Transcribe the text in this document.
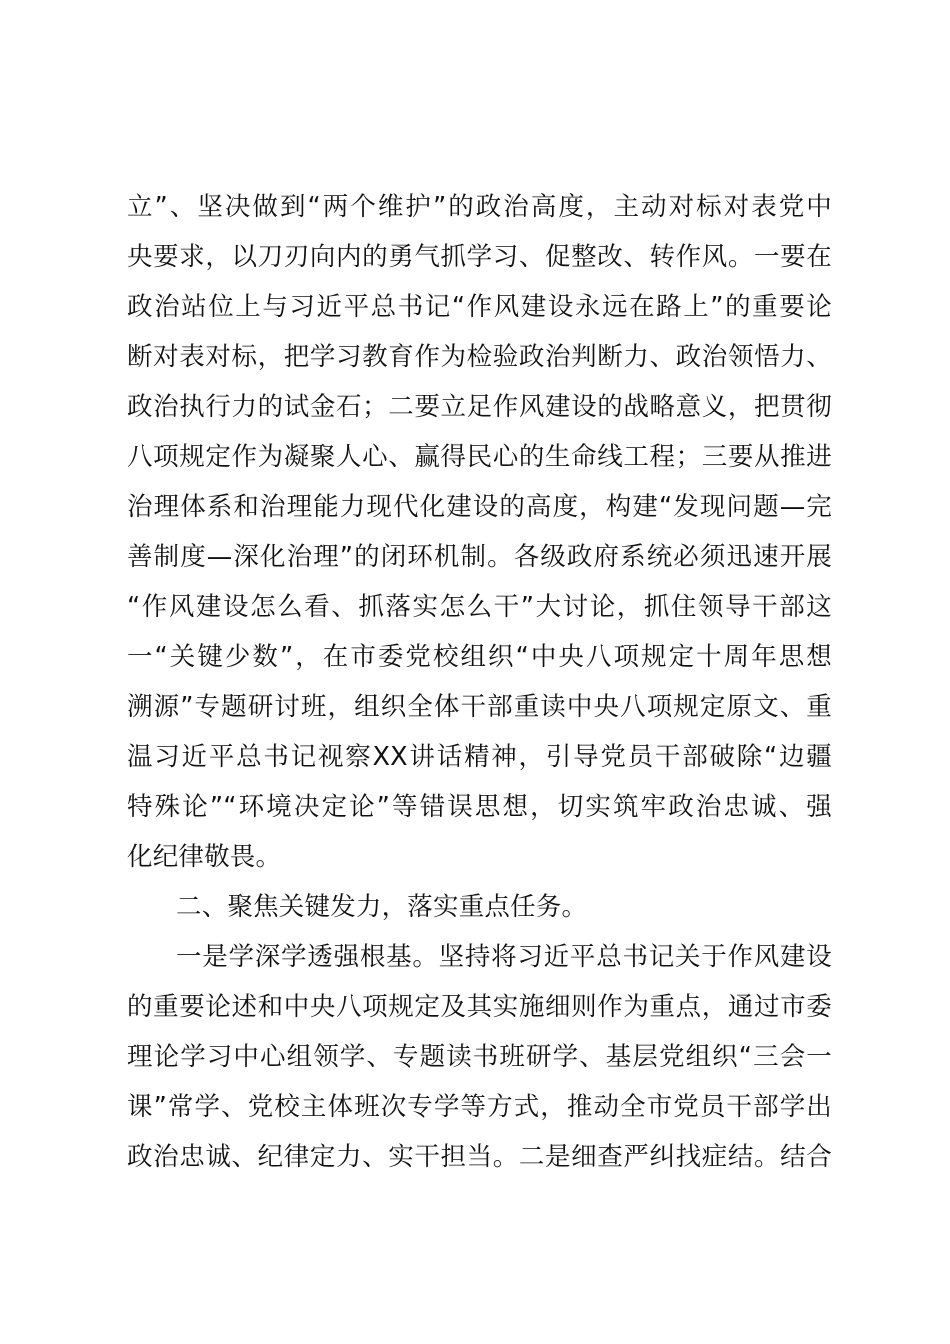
立”、坚决做到“两个维护”的政治高度，主动对标对表党中
央要求，以刀刃向内的勇气抓学习、促整改、转作风。一要在
政治站位上与习近平总书记“作风建设永远在路上”的重要论
断对表对标，把学习教育作为检验政治判断力、政治领悟力、
政治执行力的试金石；二要立足作风建设的战略意义，把贯彻
八项规定作为凝聚人心、赢得民心的生命线工程；三要从推进
治理体系和治理能力现代化建设的高度，构建“发现问题—完
善制度—深化治理”的闭环机制。各级政府系统必须迅速开展
“作风建设怎么看、抓落实怎么干”大讨论，抓住领导干部这
一“关键少数”，在市委党校组织“中央八项规定十周年思想
溯源”专题研讨班，组织全体干部重读中央八项规定原文、重
温习近平总书记视察XX讲话精神，引导党员干部破除“边疆
特殊论”“环境决定论”等错误思想，切实筑牢政治忠诚、强
化纪律敬畏。
二、聚焦关键发力，落实重点任务。
一是学深学透强根基。坚持将习近平总书记关于作风建设
的重要论述和中央八项规定及其实施细则作为重点，通过市委
理论学习中心组领学、专题读书班研学、基层党组织“三会一
课”常学、党校主体班次专学等方式，推动全市党员干部学出
政治忠诚、纪律定力、实干担当。二是细查严纠找症结。结合
